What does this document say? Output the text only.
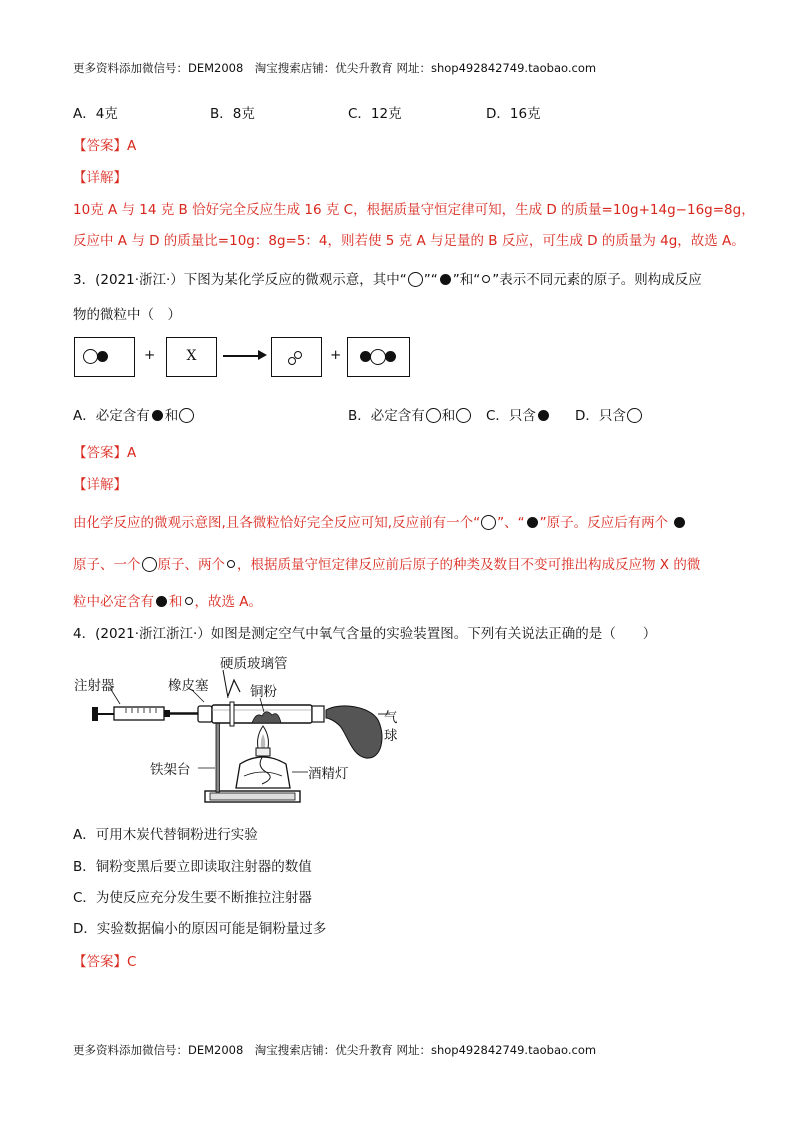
更多资料添加微信号：DEM2008　淘宝搜索店铺：优尖升教育 网址：shop492842749.taobao.com
A．4克	B．8克	C．12克	D．16克
【答案】A
【详解】
10克 A 与 14 克 B 恰好完全反应生成 16 克 C，根据质量守恒定律可知，生成 D 的质量=10g+14g−16g=8g，
反应中 A 与 D 的质量比=10g：8g=5：4，则若使 5 克 A 与足量的 B 反应，可生成 D 的质量为 4g，故选 A。
3．(2021·浙江·）下图为某化学反应的微观示意，其中“ ”“ ”和“ ”表示不同元素的原子。则构成反应
物的微粒中（　）
+	X	+
A．必定含有 和	B．必定含有 和	C．只含	D．只含
【答案】A
【详解】
由化学反应的微观示意图,且各微粒恰好完全反应可知,反应前有一个“ ”、“ ”原子。反应后有两个
原子、一个 原子、两个 ，根据质量守恒定律反应前后原子的种类及数目不变可推出构成反应物 X 的微
粒中必定含有 和 ，故选 A。
4．(2021·浙江浙江·）如图是测定空气中氧气含量的实验装置图。下列有关说法正确的是（　　）
注射器	橡皮塞
硬质玻璃管
铜粉
气
球
铁架台	酒精灯
A．可用木炭代替铜粉进行实验
B．铜粉变黑后要立即读取注射器的数值
C．为使反应充分发生要不断推拉注射器
D．实验数据偏小的原因可能是铜粉量过多
【答案】C
更多资料添加微信号：DEM2008　淘宝搜索店铺：优尖升教育 网址：shop492842749.taobao.com
